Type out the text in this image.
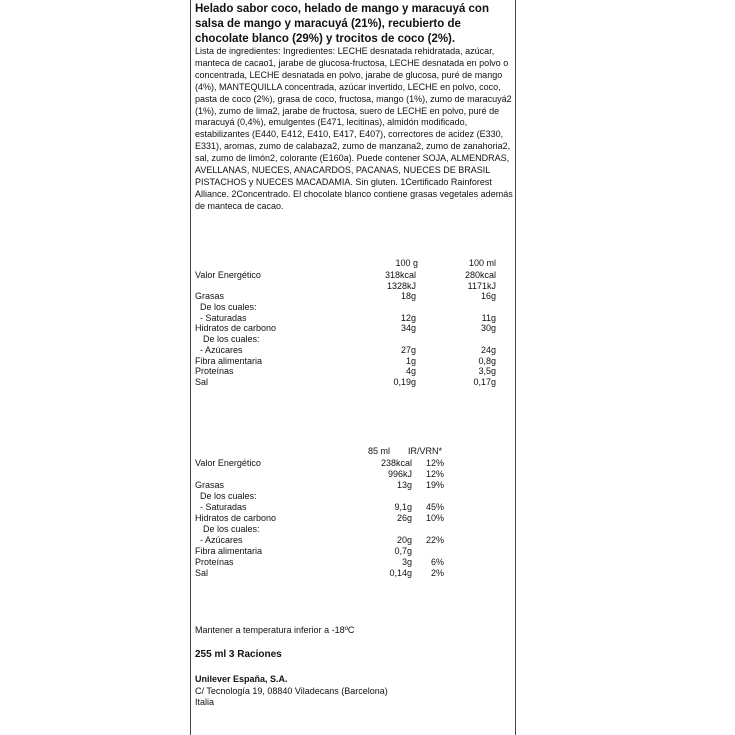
Helado sabor coco, helado de mango y maracuyá con salsa de mango y maracuyá (21%), recubierto de chocolate blanco (29%) y trocitos de coco (2%).

Lista de ingredientes: Ingredientes: LECHE desnatada rehidratada, azúcar, manteca de cacao1, jarabe de glucosa-fructosa, LECHE desnatada en polvo o concentrada, LECHE desnatada en polvo, jarabe de glucosa, puré de mango (4%), MANTEQUILLA concentrada, azúcar invertido, LECHE en polvo, coco, pasta de coco (2%), grasa de coco, fructosa, mango (1%), zumo de maracuyá2 (1%), zumo de lima2, jarabe de fructosa, suero de LECHE en polvo, puré de maracuyá (0,4%), emulgentes (E471, lecitinas), almidón modificado, estabilizantes (E440, E412, E410, E417, E407), correctores de acidez (E330, E331), aromas, zumo de calabaza2, zumo de manzana2, zumo de zanahoria2, sal, zumo de limón2, colorante (E160a). Puede contener SOJA, ALMENDRAS, AVELLANAS, NUECES, ANACARDOS, PACANAS, NUECES DE BRASIL PISTACHOS y NUECES MACADAMIA. Sin gluten. 1Certificado Rainforest Alliance. 2Concentrado. El chocolate blanco contiene grasas vegetales además de manteca de cacao.

100 g	100 ml
Valor Energético	318kcal	280kcal
1328kJ	1171kJ
Grasas	18g	16g
De los cuales:
- Saturadas	12g	11g
Hidratos de carbono	34g	30g
De los cuales:
- Azúcares	27g	24g
Fibra alimentaria	1g	0,8g
Proteínas	4g	3,5g
Sal	0,19g	0,17g
85 ml IR/VRN*
Valor Energético	238kcal	12%
996kJ	12%
Grasas	13g	19%
De los cuales:
- Saturadas	9,1g	45%
Hidratos de carbono	26g	10%
De los cuales:
- Azúcares	20g	22%
Fibra alimentaria	0,7g
Proteínas	3g	6%
Sal	0,14g	2%
Mantener a temperatura inferior a -18ºC
255 ml 3 Raciones
Unilever España, S.A.
C/ Tecnología 19, 08840 Viladecans (Barcelona)
Italia
